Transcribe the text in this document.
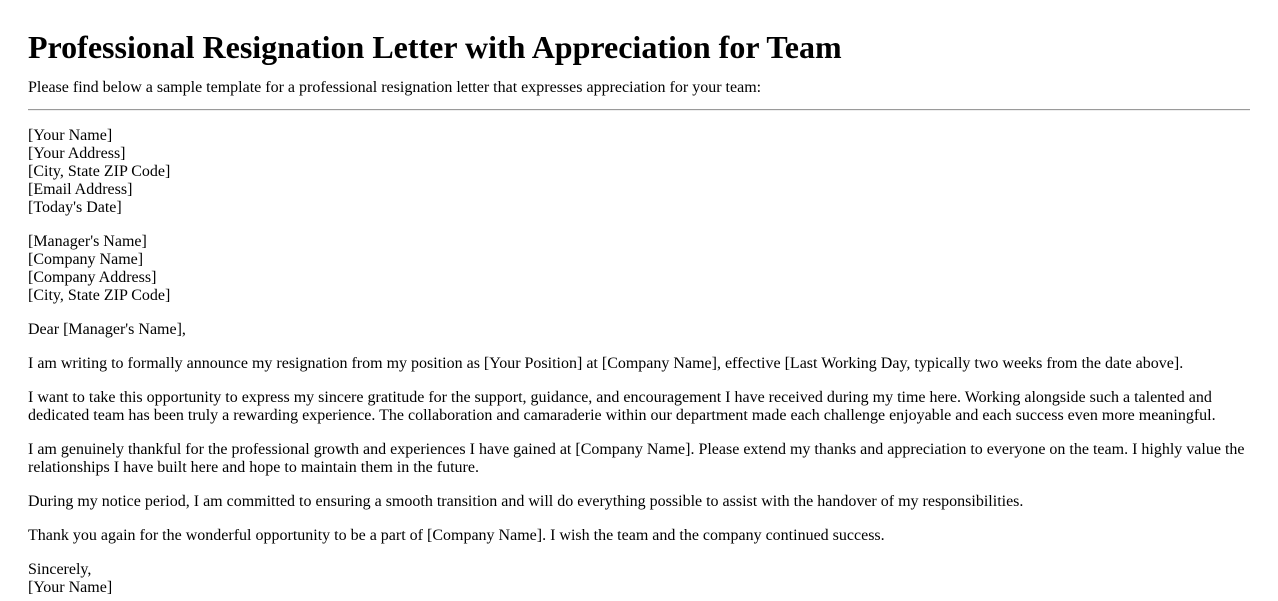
Professional Resignation Letter with Appreciation for Team

Please find below a sample template for a professional resignation letter that expresses appreciation for your team:

[Your Name]
[Your Address]
[City, State ZIP Code]
[Email Address]
[Today's Date]
[Manager's Name]
[Company Name]
[Company Address]
[City, State ZIP Code]

Dear [Manager's Name],

I am writing to formally announce my resignation from my position as [Your Position] at [Company Name], effective [Last Working Day, typically two weeks from the date above].

I want to take this opportunity to express my sincere gratitude for the support, guidance, and encouragement I have received during my time here. Working alongside such a talented and dedicated team has been truly a rewarding experience. The collaboration and camaraderie within our department made each challenge enjoyable and each success even more meaningful.

I am genuinely thankful for the professional growth and experiences I have gained at [Company Name]. Please extend my thanks and appreciation to everyone on the team. I highly value the relationships I have built here and hope to maintain them in the future.

During my notice period, I am committed to ensuring a smooth transition and will do everything possible to assist with the handover of my responsibilities.

Thank you again for the wonderful opportunity to be a part of [Company Name]. I wish the team and the company continued success.

Sincerely,
[Your Name]
